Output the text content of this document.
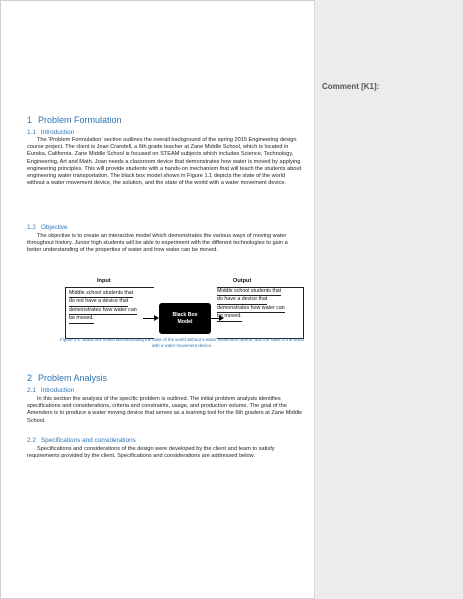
1 Problem Formulation
1.1 Introduction
The ‘Problem Formulation’ section outlines the overall background of the spring 2015 Engineering design course project. The client is Joan Crandell, a 6th grade teacher at Zane Middle School, which is located in Eureka, California. Zane Middle School is focused on STEAM subjects which includes Science, Technology, Engineering, Art and Math. Joan needs a classroom device that demonstrates how water is moved by applying engineering principles. This will provide students with a hands-on mechanism that will teach the students about engineering water transportation. The black box model shown in Figure 1.1 depicts the state of the world without a water movement device, the solution, and the state of the world with a water movement device.
1.2 Objective
The objective is to create an interactive model which demonstrates the various ways of moving water throughout history. Junior high students will be able to experiment with the different technologies to gain a better understanding of the properties of water and how water can be moved.
Input	Output
Middle school students that
do not have a device that
demonstrates how water can
be moved.
Black Box
Model
Middle school students that
do have a device that
demonstrates how water can
be moved.
Figure 1-1: Black box model demonstrating the state of the world without a water movement device, and the state of the world with a water movement device.
2 Problem Analysis
2.1 Introduction
In this section the analysis of the specific problem is outlined. The initial problem analysis identifies specifications and considerations, criteria and constraints, usage, and production volume. The goal of the Amenders is to produce a water moving device that serves as a learning tool for the 6th graders at Zane Middle School.
2.2 Specifications and considerations
Specifications and considerations of the design were developed by the client and team to satisfy requirements provided by the client. Specifications and considerations are addressed below.
Comment [K1]:
